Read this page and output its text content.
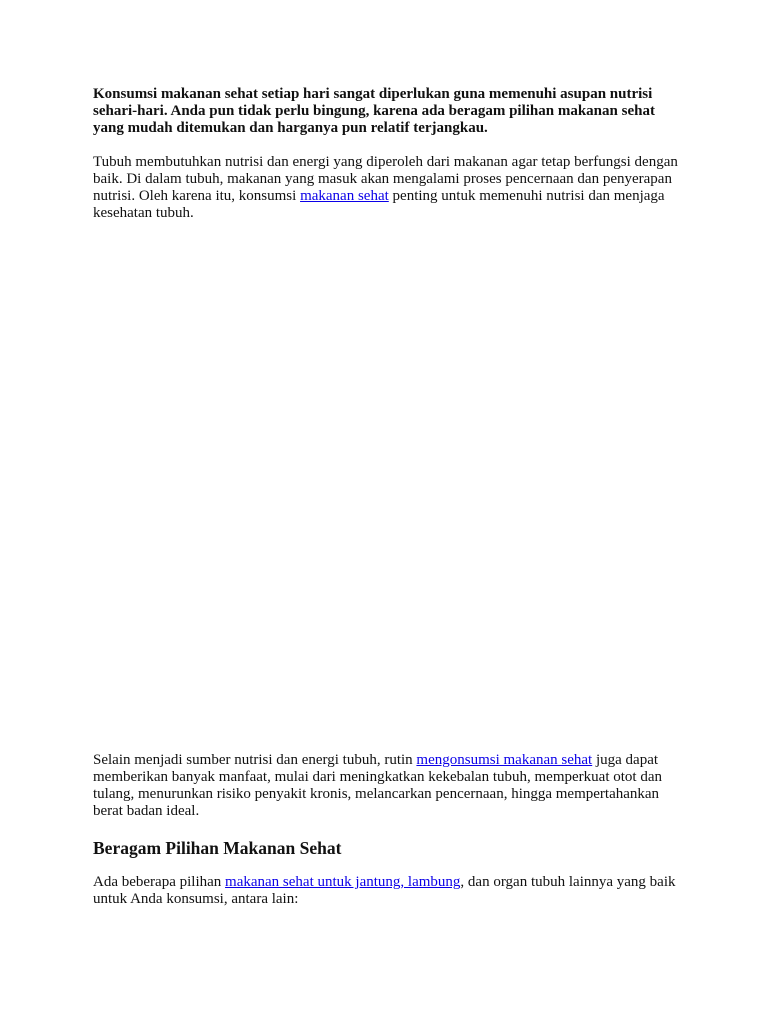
Konsumsi makanan sehat setiap hari sangat diperlukan guna memenuhi asupan nutrisi sehari-hari. Anda pun tidak perlu bingung, karena ada beragam pilihan makanan sehat yang mudah ditemukan dan harganya pun relatif terjangkau.

Tubuh membutuhkan nutrisi dan energi yang diperoleh dari makanan agar tetap berfungsi dengan baik. Di dalam tubuh, makanan yang masuk akan mengalami proses pencernaan dan penyerapan nutrisi. Oleh karena itu, konsumsi makanan sehat penting untuk memenuhi nutrisi dan menjaga kesehatan tubuh.

Selain menjadi sumber nutrisi dan energi tubuh, rutin mengonsumsi makanan sehat juga dapat memberikan banyak manfaat, mulai dari meningkatkan kekebalan tubuh, memperkuat otot dan tulang, menurunkan risiko penyakit kronis, melancarkan pencernaan, hingga mempertahankan berat badan ideal.

Beragam Pilihan Makanan Sehat

Ada beberapa pilihan makanan sehat untuk jantung, lambung, dan organ tubuh lainnya yang baik untuk Anda konsumsi, antara lain:
